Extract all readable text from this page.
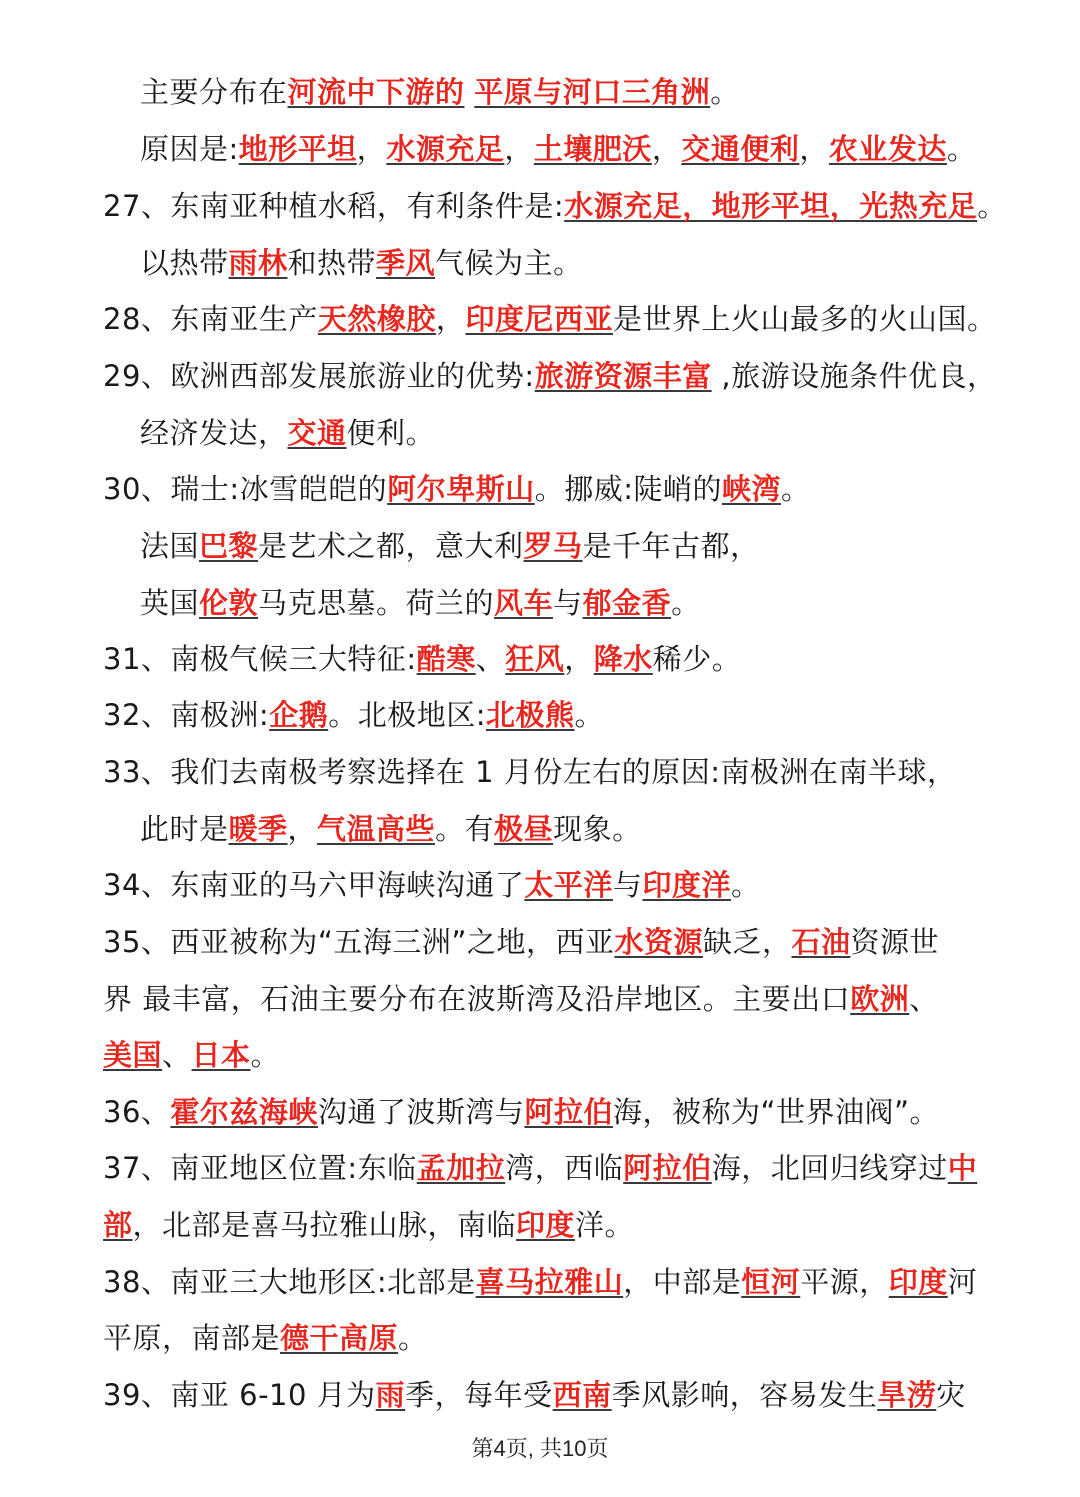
主要分布在河流中下游的 平原与河口三角洲。
原因是:地形平坦，水源充足，土壤肥沃，交通便利，农业发达。
27、东南亚种植水稻，有利条件是:水源充足，地形平坦，光热充足。
以热带雨林和热带季风气候为主。
28、东南亚生产天然橡胶，印度尼西亚是世界上火山最多的火山国。
29、欧洲西部发展旅游业的优势:旅游资源丰富 ,旅游设施条件优良，
经济发达，交通便利。
30、瑞士:冰雪皑皑的阿尔卑斯山。挪威:陡峭的峡湾。
法国巴黎是艺术之都，意大利罗马是千年古都，
英国伦敦马克思墓。荷兰的风车与郁金香。
31、南极气候三大特征:酷寒、狂风，降水稀少。
32、南极洲:企鹅。北极地区:北极熊。
33、我们去南极考察选择在 1 月份左右的原因:南极洲在南半球，
此时是暖季，气温高些。有极昼现象。
34、东南亚的马六甲海峡沟通了太平洋与印度洋。
35、西亚被称为“五海三洲”之地，西亚水资源缺乏，石油资源世
界 最丰富，石油主要分布在波斯湾及沿岸地区。主要出口欧洲、
美国、日本。
36、霍尔兹海峡沟通了波斯湾与阿拉伯海，被称为“世界油阀”。
37、南亚地区位置:东临孟加拉湾，西临阿拉伯海，北回归线穿过中
部，北部是喜马拉雅山脉，南临印度洋。
38、南亚三大地形区:北部是喜马拉雅山，中部是恒河平源，印度河
平原，南部是德干高原。
39、南亚 6-10 月为雨季，每年受西南季风影响，容易发生旱涝灾
第4页, 共10页
